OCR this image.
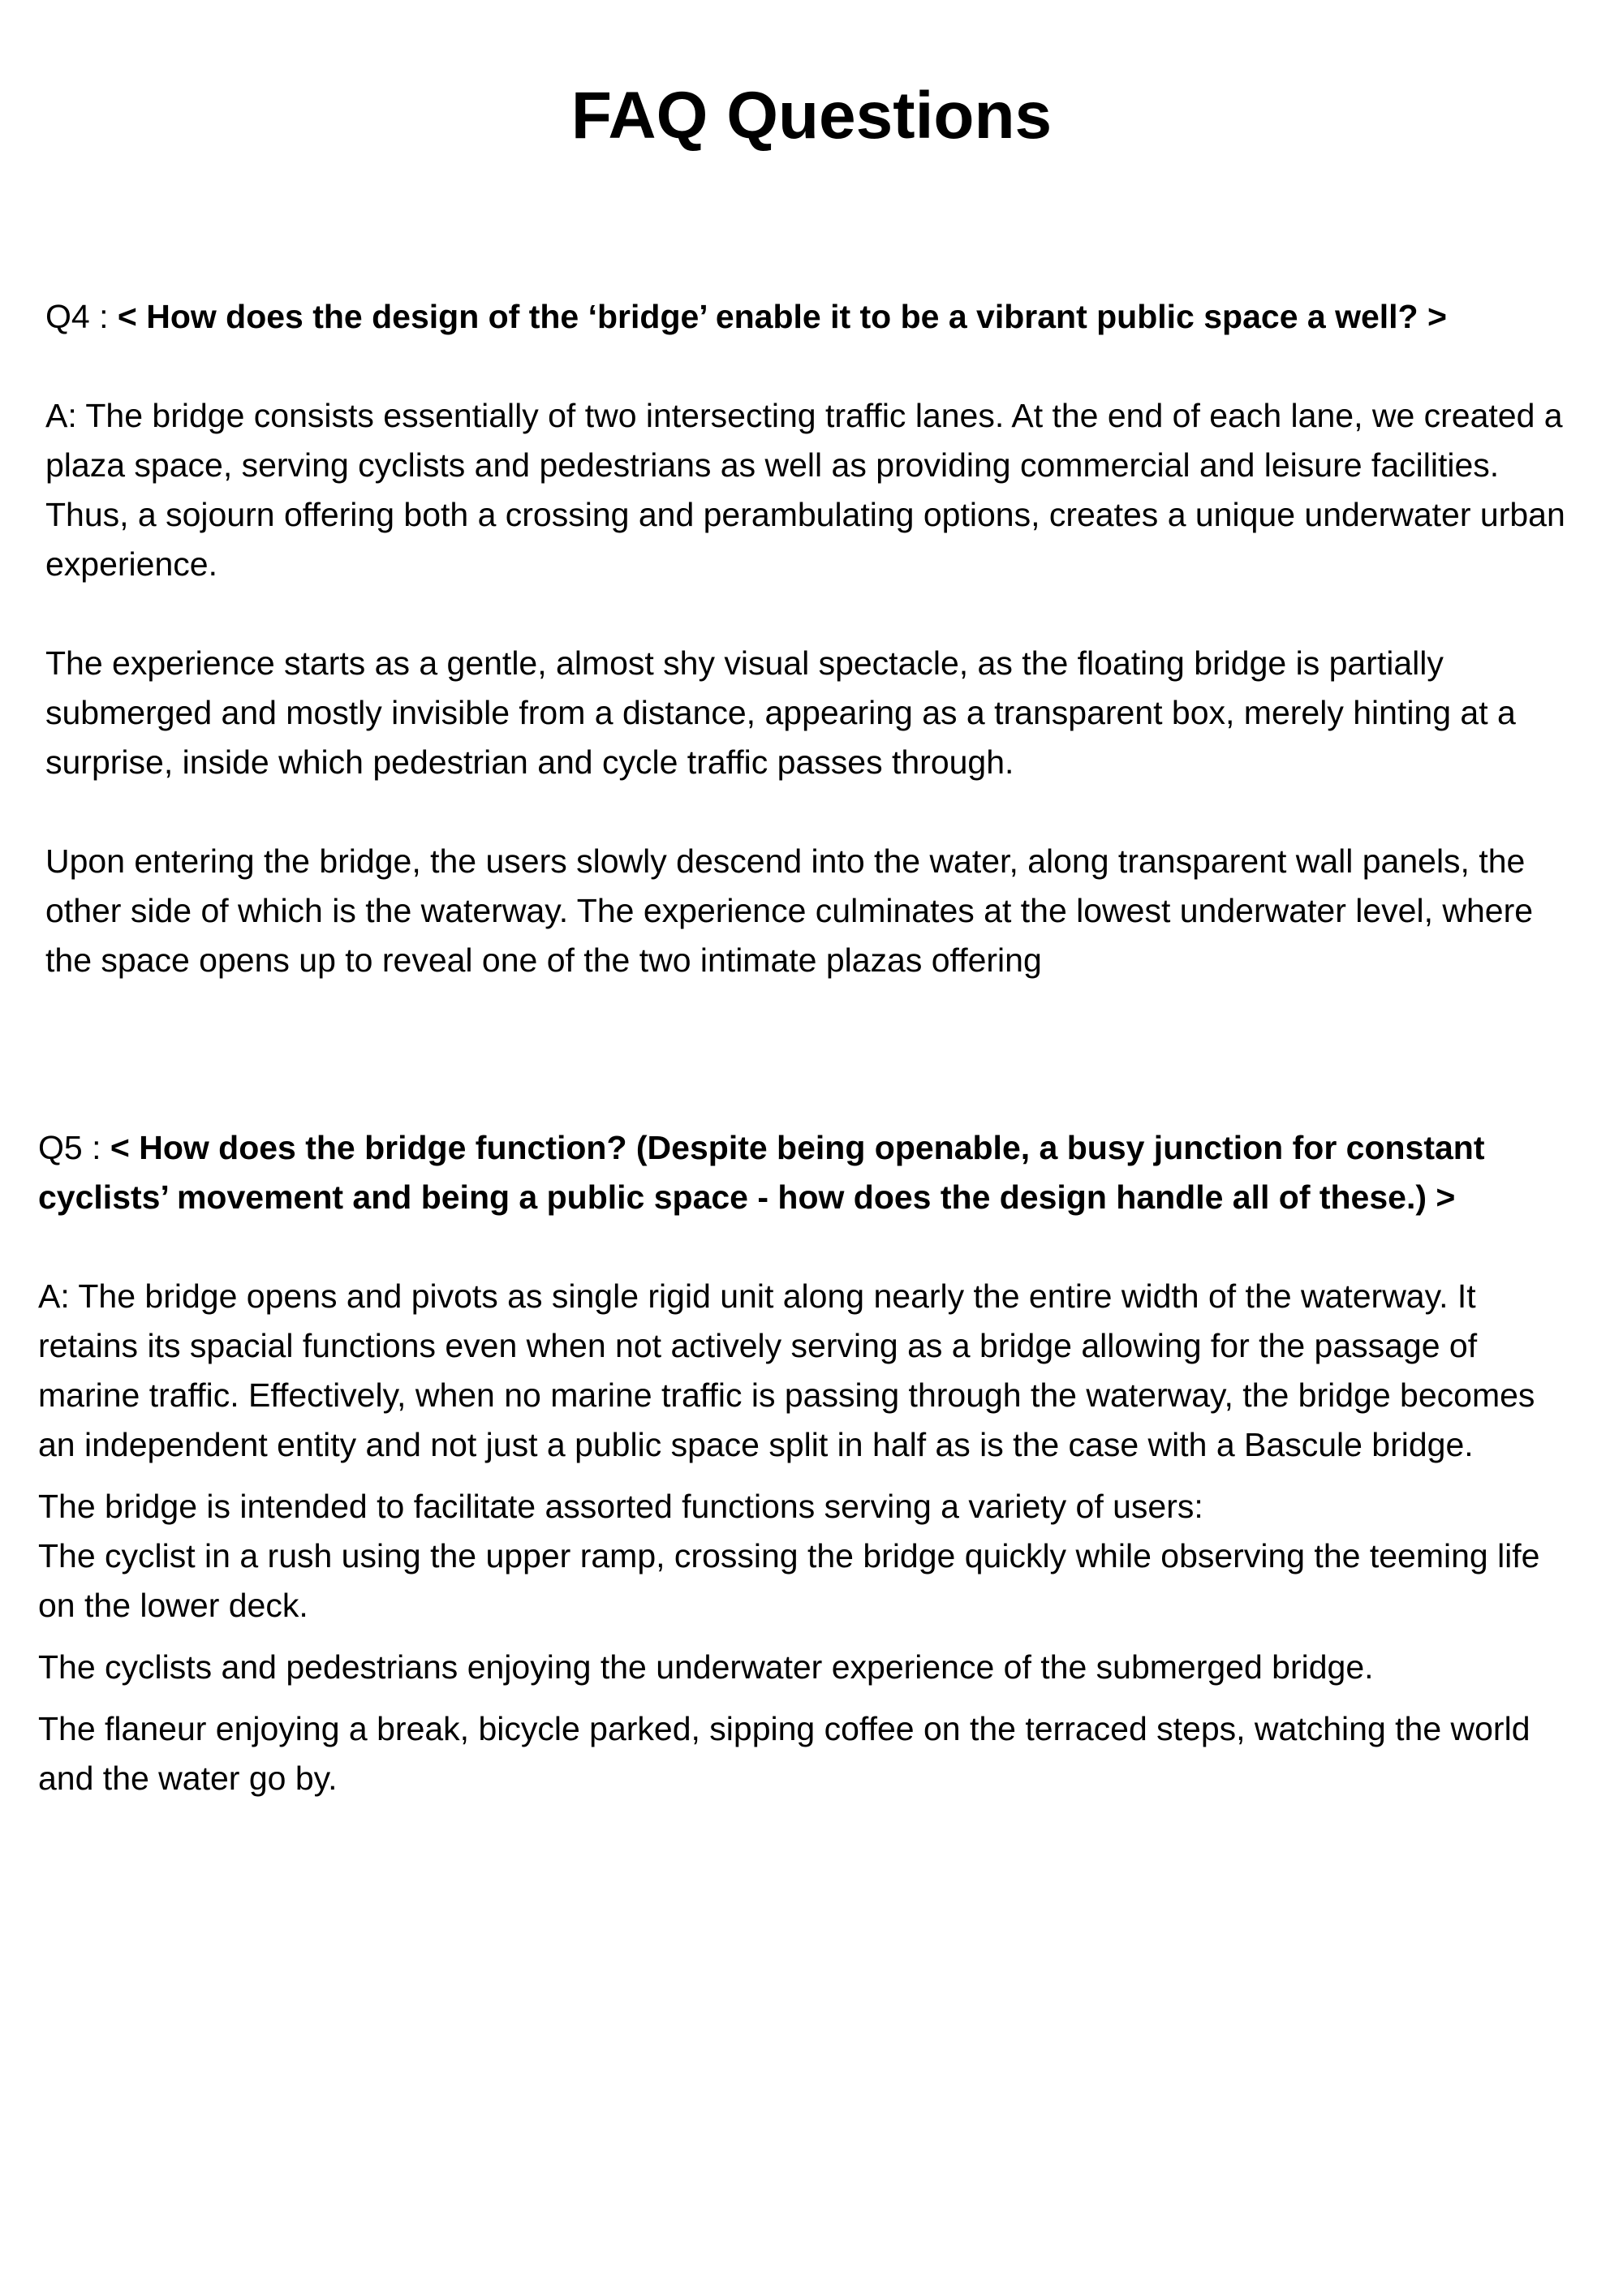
FAQ Questions

Q4 : < How does the design of the ‘bridge’ enable it to be a vibrant public space a well? >

A: The bridge consists essentially of two intersecting traffic lanes. At the end of each lane, we created a plaza space, serving cyclists and pedestrians as well as providing commercial and leisure facilities. Thus, a sojourn offering both a crossing and perambulating options, creates a unique underwater urban experience.

The experience starts as a gentle, almost shy visual spectacle, as the floating bridge is partially submerged and mostly invisible from a distance, appearing as a transparent box, merely hinting at a surprise, inside which pedestrian and cycle traffic passes through.

Upon entering the bridge, the users slowly descend into the water, along transparent wall panels, the other side of which is the waterway. The experience culminates at the lowest underwater level, where the space opens up to reveal one of the two intimate plazas offering

Q5 : < How does the bridge function? (Despite being openable, a busy junction for constant cyclists’ movement and being a public space - how does the design handle all of these.) >

A: The bridge opens and pivots as single rigid unit along nearly the entire width of the waterway. It retains its spacial functions even when not actively serving as a bridge allowing for the passage of marine traffic. Effectively, when no marine traffic is passing through the waterway, the bridge becomes an independent entity and not just a public space split in half as is the case with a Bascule bridge.

The bridge is intended to facilitate assorted functions serving a variety of users:

The cyclist in a rush using the upper ramp, crossing the bridge quickly while observing the teeming life on the lower deck.

The cyclists and pedestrians enjoying the underwater experience of the submerged bridge.

The flaneur enjoying a break, bicycle parked, sipping coffee on the terraced steps, watching the world and the water go by.
